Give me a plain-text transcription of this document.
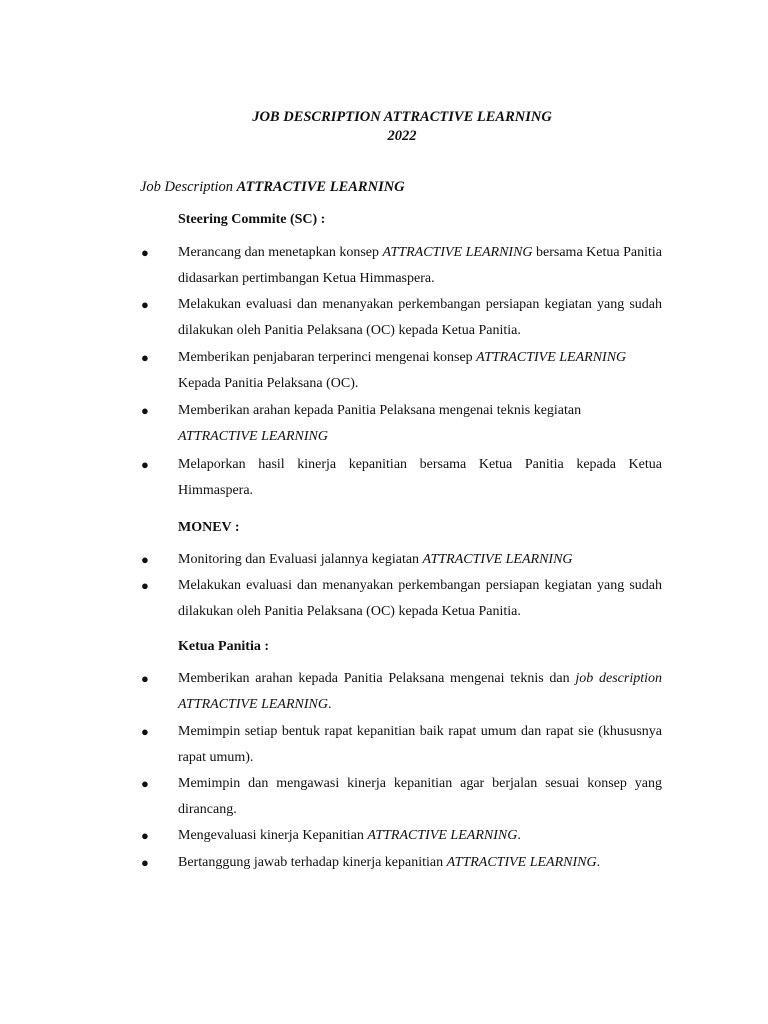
JOB DESCRIPTION ATTRACTIVE LEARNING
2022
Job Description ATTRACTIVE LEARNING
Steering Commite (SC) :
● Merancang dan menetapkan konsep ATTRACTIVE LEARNING bersama Ketua Panitia didasarkan pertimbangan Ketua Himmaspera.
● Melakukan evaluasi dan menanyakan perkembangan persiapan kegiatan yang sudah dilakukan oleh Panitia Pelaksana (OC) kepada Ketua Panitia.
● Memberikan penjabaran terperinci mengenai konsep ATTRACTIVE LEARNING Kepada Panitia Pelaksana (OC).
● Memberikan arahan kepada Panitia Pelaksana mengenai teknis kegiatan ATTRACTIVE LEARNING
● Melaporkan hasil kinerja kepanitian bersama Ketua Panitia kepada Ketua Himmaspera.
MONEV :
● Monitoring dan Evaluasi jalannya kegiatan ATTRACTIVE LEARNING
● Melakukan evaluasi dan menanyakan perkembangan persiapan kegiatan yang sudah dilakukan oleh Panitia Pelaksana (OC) kepada Ketua Panitia.
Ketua Panitia :
● Memberikan arahan kepada Panitia Pelaksana mengenai teknis dan job description ATTRACTIVE LEARNING.
● Memimpin setiap bentuk rapat kepanitian baik rapat umum dan rapat sie (khususnya rapat umum).
● Memimpin dan mengawasi kinerja kepanitian agar berjalan sesuai konsep yang dirancang.
● Mengevaluasi kinerja Kepanitian ATTRACTIVE LEARNING.
● Bertanggung jawab terhadap kinerja kepanitian ATTRACTIVE LEARNING.
